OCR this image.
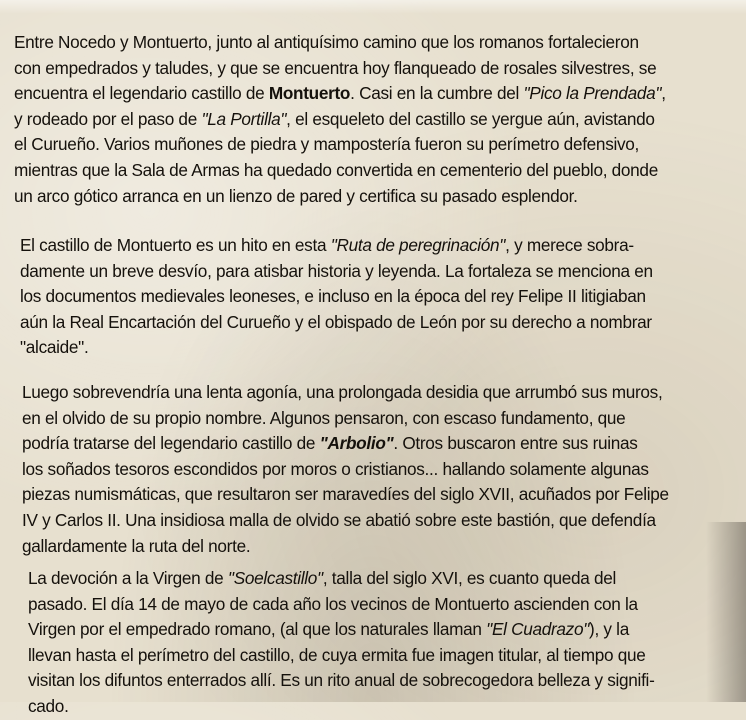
Entre Nocedo y Montuerto, junto al antiquísimo camino que los romanos fortalecieron
con empedrados y taludes, y que se encuentra hoy flanqueado de rosales silvestres, se
encuentra el legendario castillo de Montuerto. Casi en la cumbre del "Pico la Prendada",
y rodeado por el paso de "La Portilla", el esqueleto del castillo se yergue aún, avistando
el Curueño. Varios muñones de piedra y mampostería fueron su perímetro defensivo,
mientras que la Sala de Armas ha quedado convertida en cementerio del pueblo, donde
un arco gótico arranca en un lienzo de pared y certifica su pasado esplendor.

El castillo de Montuerto es un hito en esta "Ruta de peregrinación", y merece sobra-
damente un breve desvío, para atisbar historia y leyenda. La fortaleza se menciona en
los documentos medievales leoneses, e incluso en la época del rey Felipe II litigiaban
aún la Real Encartación del Curueño y el obispado de León por su derecho a nombrar
"alcaide".

Luego sobrevendría una lenta agonía, una prolongada desidia que arrumbó sus muros,
en el olvido de su propio nombre. Algunos pensaron, con escaso fundamento, que
podría tratarse del legendario castillo de "Arbolio". Otros buscaron entre sus ruinas
los soñados tesoros escondidos por moros o cristianos... hallando solamente algunas
piezas numismáticas, que resultaron ser maravedíes del siglo XVII, acuñados por Felipe
IV y Carlos II. Una insidiosa malla de olvido se abatió sobre este bastión, que defendía
gallardamente la ruta del norte.

La devoción a la Virgen de "Soelcastillo", talla del siglo XVI, es cuanto queda del
pasado. El día 14 de mayo de cada año los vecinos de Montuerto ascienden con la
Virgen por el empedrado romano, (al que los naturales llaman "El Cuadrazo"), y la
llevan hasta el perímetro del castillo, de cuya ermita fue imagen titular, al tiempo que
visitan los difuntos enterrados allí. Es un rito anual de sobrecogedora belleza y signifi-
cado.
